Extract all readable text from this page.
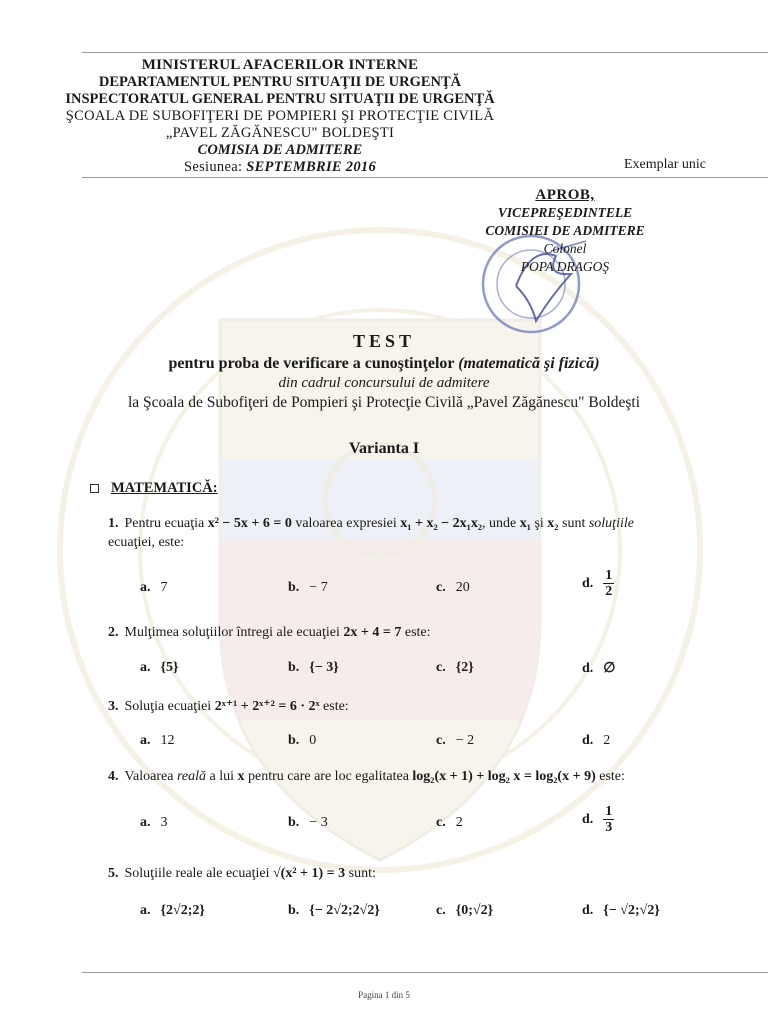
MINISTERUL AFACERILOR INTERNE
DEPARTAMENTUL PENTRU SITUAŢII DE URGENŢĂ
INSPECTORATUL GENERAL PENTRU SITUAŢII DE URGENŢĂ
ŞCOALA DE SUBOFIŢERI DE POMPIERI ŞI PROTECŢIE CIVILĂ
„PAVEL ZĂGĂNESCU" BOLDEŞTI
COMISIA DE ADMITERE
Sesiunea: SEPTEMBRIE 2016	Exemplar unic
APROB,
VICEPREŞEDINTELE
COMISIEI DE ADMITERE
Colonel
POPA DRAGOŞ
TEST
pentru proba de verificare a cunoştinţelor (matematică şi fizică)
din cadrul concursului de admitere
la Şcoala de Subofiţeri de Pompieri şi Protecţie Civilă „Pavel Zăgănescu" Boldeşti
Varianta I
MATEMATICĂ:
1. Pentru ecuaţia x² − 5x + 6 = 0 valoarea expresiei x₁ + x₂ − 2x₁x₂, unde x₁ şi x₂ sunt soluţiile
ecuaţiei, este:
a. 7	b. − 7	c. 20	d. $\frac{1}{2}$
2. Mulţimea soluţiilor întregi ale ecuaţiei 2x + 4 = 7 este:
a. {5}	b. {− 3}	c. {2}	d. ∅
3. Soluţia ecuaţiei 2ˣ⁺¹ + 2ˣ⁺² = 6 · 2ˣ este:
a. 12	b. 0	c. − 2	d. 2
4. Valoarea reală a lui x pentru care are loc egalitatea log₂(x + 1) + log₂ x = log₂(x + 9) este:
a. 3	b. − 3	c. 2	d. $\frac{1}{3}$
5. Soluţiile reale ale ecuaţiei √(x² + 1) = 3 sunt:
a. {2√2;2}	b. {− 2√2;2√2}	c. {0;√2}	d. {− √2;√2}
Pagina 1 din 5
